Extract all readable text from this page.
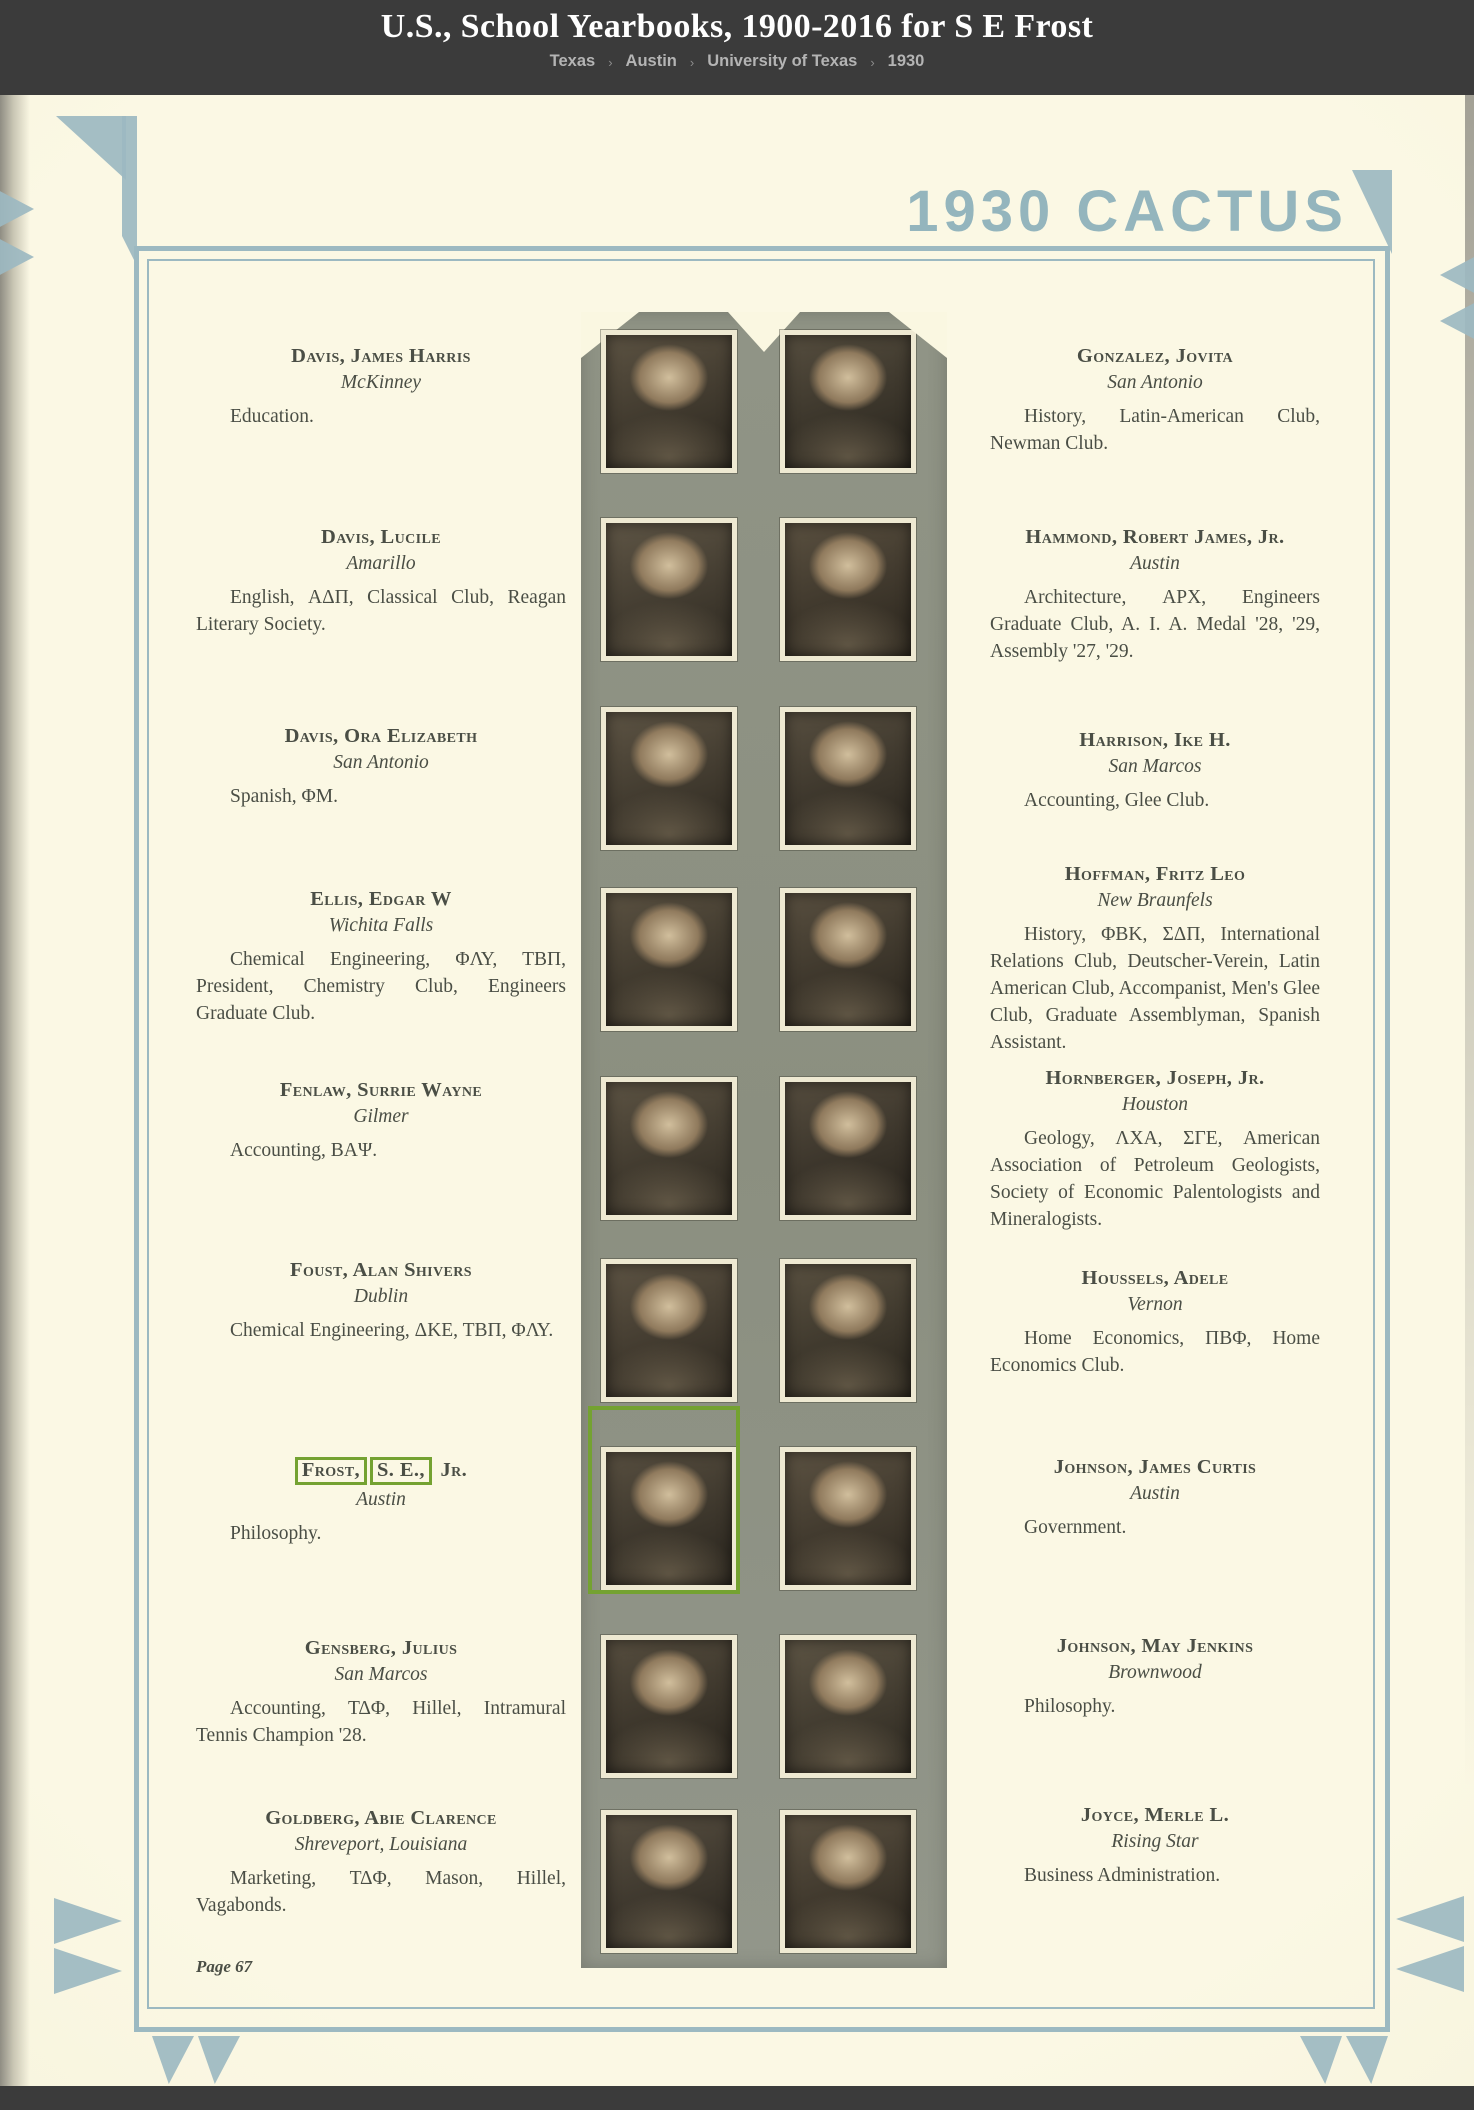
U.S., School Yearbooks, 1900-2016 for S E Frost
Texas › Austin › University of Texas › 1930
1930 CACTUS
Page 67
Davis, James Harris
McKinney
Education.
Davis, Lucile
Amarillo
English, ΑΔΠ, Classical Club, Reagan Literary Society.
Davis, Ora Elizabeth
San Antonio
Spanish, ΦΜ.
Ellis, Edgar W
Wichita Falls
Chemical Engineering, ΦΛΥ, ΤΒΠ, President, Chemistry Club, Engineers Graduate Club.
Fenlaw, Surrie Wayne
Gilmer
Accounting, ΒΑΨ.
Foust, Alan Shivers
Dublin
Chemical Engineering, ΔΚΕ, ΤΒΠ, ΦΛΥ.
Frost, S. E., Jr.
Austin
Philosophy.
Gensberg, Julius
San Marcos
Accounting, ΤΔΦ, Hillel, Intramural Tennis Champion '28.
Goldberg, Abie Clarence
Shreveport, Louisiana
Marketing, ΤΔΦ, Mason, Hillel, Vagabonds.
Gonzalez, Jovita
San Antonio
History, Latin-American Club, Newman Club.
Hammond, Robert James, Jr.
Austin
Architecture, ΑΡΧ, Engineers Graduate Club, A. I. A. Medal '28, '29, Assembly '27, '29.
Harrison, Ike H.
San Marcos
Accounting, Glee Club.
Hoffman, Fritz Leo
New Braunfels
History, ΦΒΚ, ΣΔΠ, International Relations Club, Deutscher-Verein, Latin American Club, Accompanist, Men's Glee Club, Graduate Assemblyman, Spanish Assistant.
Hornberger, Joseph, Jr.
Houston
Geology, ΛΧΑ, ΣΓΕ, American Association of Petroleum Geologists, Society of Economic Palentologists and Mineralogists.
Houssels, Adele
Vernon
Home Economics, ΠΒΦ, Home Economics Club.
Johnson, James Curtis
Austin
Government.
Johnson, May Jenkins
Brownwood
Philosophy.
Joyce, Merle L.
Rising Star
Business Administration.
